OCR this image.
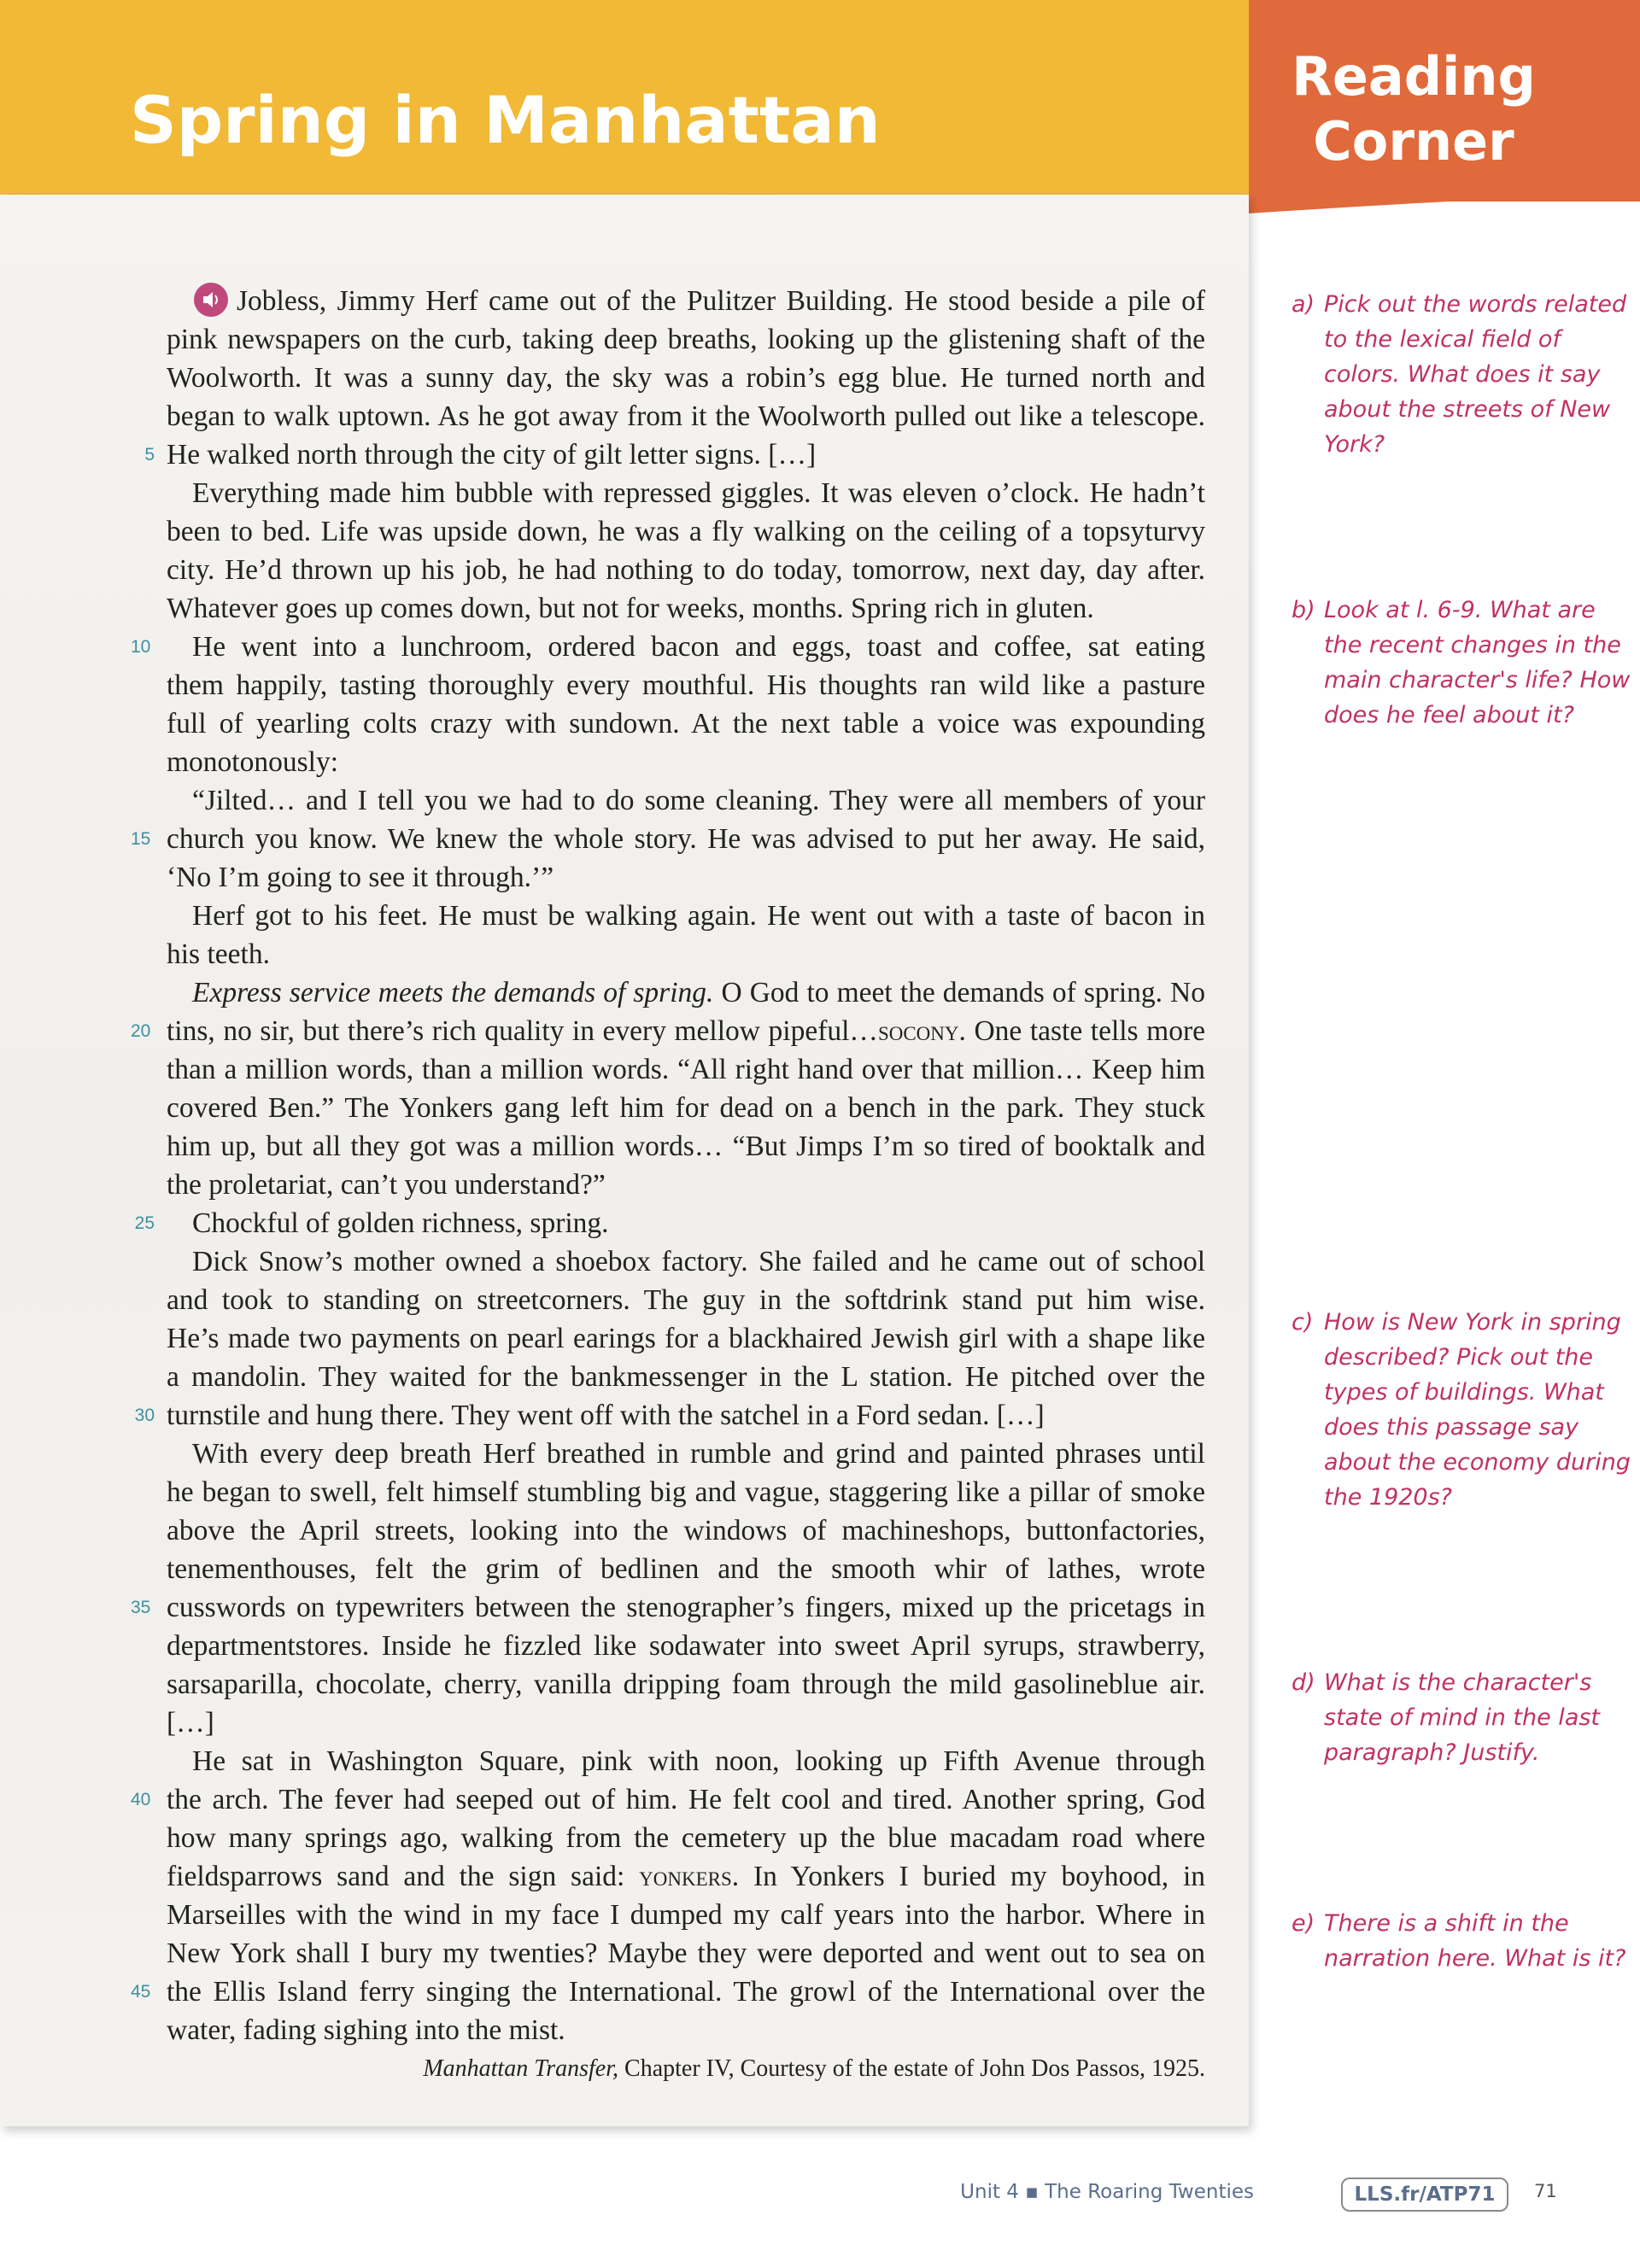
Spring in Manhattan
Reading
Corner
Jobless, Jimmy Herf came out of the Pulitzer Building. He stood beside a pile of
pink newspapers on the curb, taking deep breaths, looking up the glistening shaft of the
Woolworth. It was a sunny day, the sky was a robin’s egg blue. He turned north and
began to walk uptown. As he got away from it the Woolworth pulled out like a telescope.
5 He walked north through the city of gilt letter signs. […]
Everything made him bubble with repressed giggles. It was eleven o’clock. He hadn’t
been to bed. Life was upside down, he was a fly walking on the ceiling of a topsyturvy
city. He’d thrown up his job, he had nothing to do today, tomorrow, next day, day after.
Whatever goes up comes down, but not for weeks, months. Spring rich in gluten.
10 He went into a lunchroom, ordered bacon and eggs, toast and coffee, sat eating
them happily, tasting thoroughly every mouthful. His thoughts ran wild like a pasture
full of yearling colts crazy with sundown. At the next table a voice was expounding
monotonously:
“Jilted… and I tell you we had to do some cleaning. They were all members of your
15 church you know. We knew the whole story. He was advised to put her away. He said,
‘No I’m going to see it through.’”
Herf got to his feet. He must be walking again. He went out with a taste of bacon in
his teeth.
Express service meets the demands of spring. O God to meet the demands of spring. No
20 tins, no sir, but there’s rich quality in every mellow pipeful…socony. One taste tells more
than a million words, than a million words. “All right hand over that million… Keep him
covered Ben.” The Yonkers gang left him for dead on a bench in the park. They stuck
him up, but all they got was a million words… “But Jimps I’m so tired of booktalk and
the proletariat, can’t you understand?”
25 Chockful of golden richness, spring.
Dick Snow’s mother owned a shoebox factory. She failed and he came out of school
and took to standing on streetcorners. The guy in the softdrink stand put him wise.
He’s made two payments on pearl earings for a blackhaired Jewish girl with a shape like
a mandolin. They waited for the bankmessenger in the L station. He pitched over the
30 turnstile and hung there. They went off with the satchel in a Ford sedan. […]
With every deep breath Herf breathed in rumble and grind and painted phrases until
he began to swell, felt himself stumbling big and vague, staggering like a pillar of smoke
above the April streets, looking into the windows of machineshops, buttonfactories,
tenementhouses, felt the grim of bedlinen and the smooth whir of lathes, wrote
35 cusswords on typewriters between the stenographer’s fingers, mixed up the pricetags in
departmentstores. Inside he fizzled like sodawater into sweet April syrups, strawberry,
sarsaparilla, chocolate, cherry, vanilla dripping foam through the mild gasolineblue air.
[…]
He sat in Washington Square, pink with noon, looking up Fifth Avenue through
40 the arch. The fever had seeped out of him. He felt cool and tired. Another spring, God
how many springs ago, walking from the cemetery up the blue macadam road where
fieldsparrows sand and the sign said: yonkers. In Yonkers I buried my boyhood, in
Marseilles with the wind in my face I dumped my calf years into the harbor. Where in
New York shall I bury my twenties? Maybe they were deported and went out to sea on
45 the Ellis Island ferry singing the International. The growl of the International over the
water, fading sighing into the mist.
Manhattan Transfer, Chapter IV, Courtesy of the estate of John Dos Passos, 1925.
a) Pick out the words related to the lexical field of colors. What does it say about the streets of New York?
b) Look at l. 6-9. What are the recent changes in the main character's life? How does he feel about it?
c) How is New York in spring described? Pick out the types of buildings. What does this passage say about the economy during the 1920s?
d) What is the character's state of mind in the last paragraph? Justify.
e) There is a shift in the narration here. What is it?
Unit 4 ▪ The Roaring Twenties	LLS.fr/ATP71	71
